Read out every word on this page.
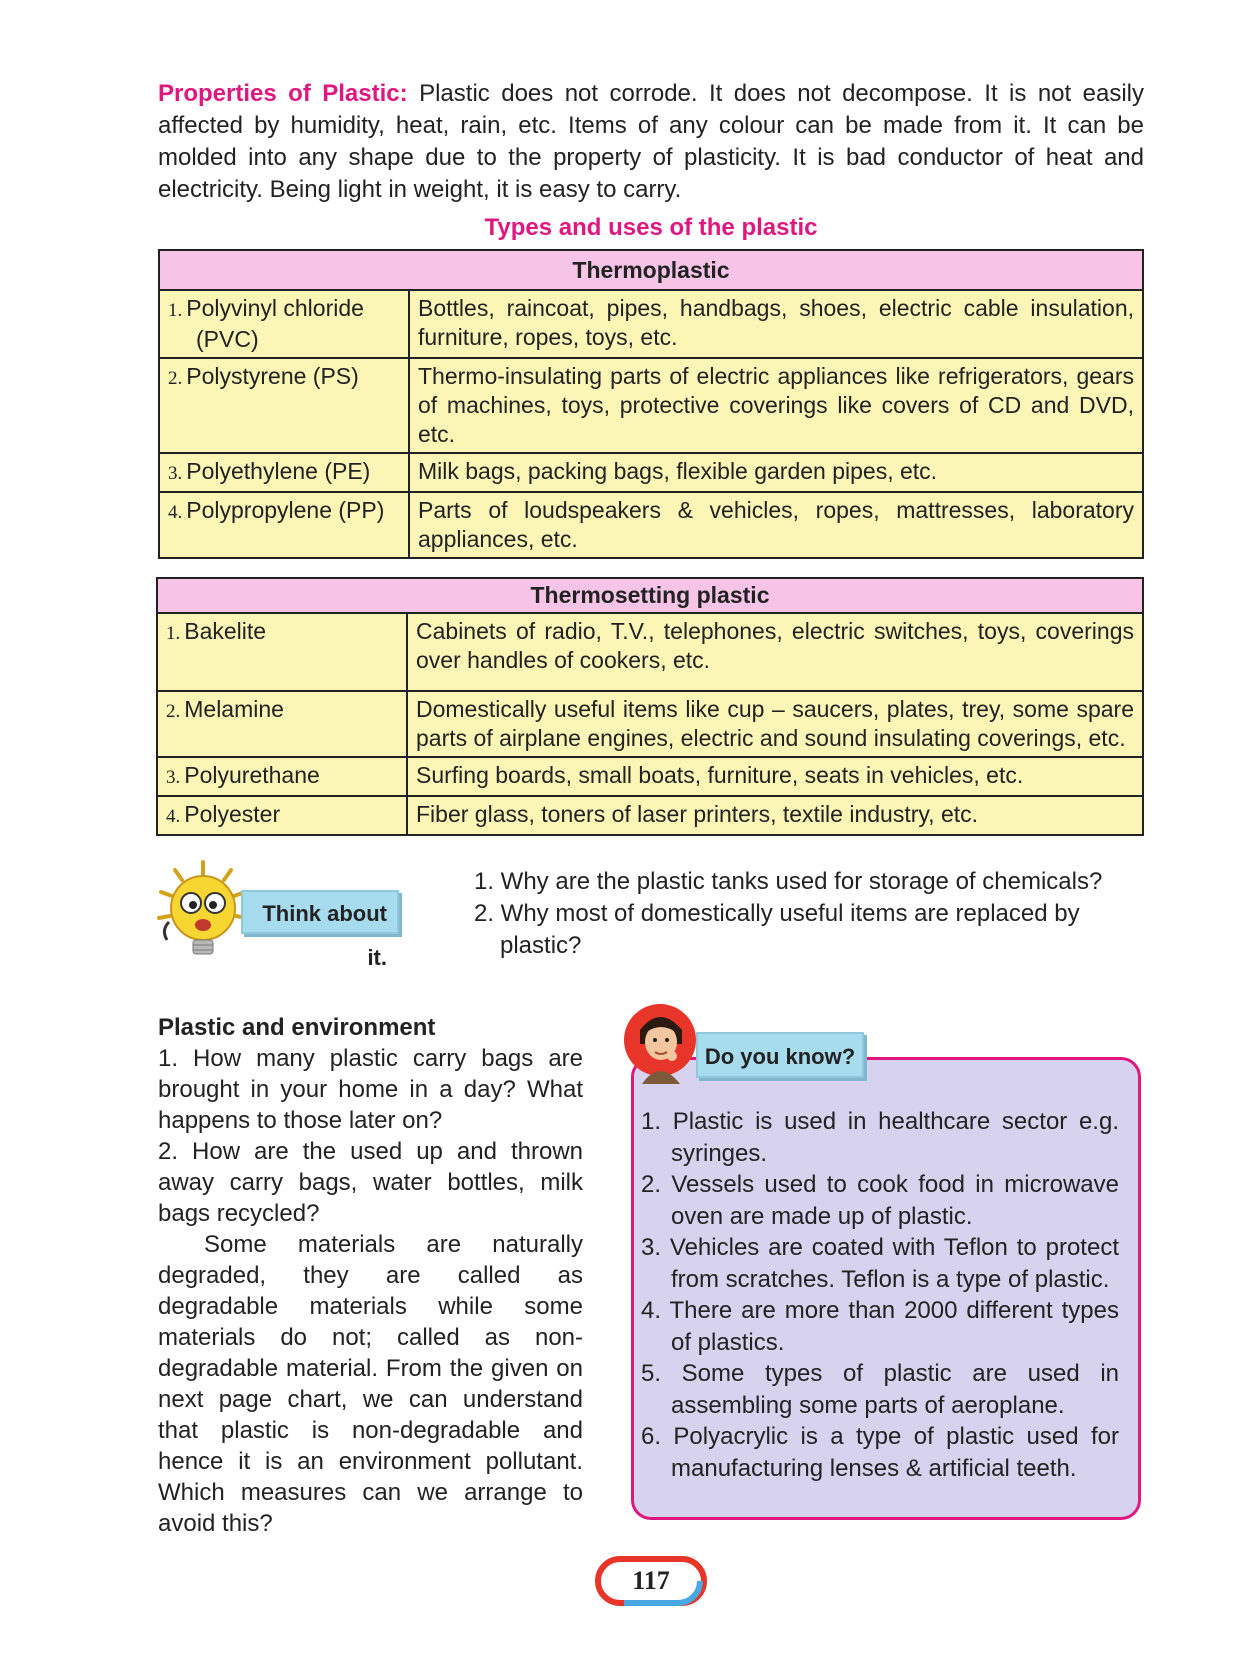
Properties of Plastic: Plastic does not corrode. It does not decompose. It is not easily affected by humidity, heat, rain, etc. Items of any colour can be made from it. It can be molded into any shape due to the property of plasticity. It is bad conductor of heat and electricity. Being light in weight, it is easy to carry.

Types and uses of the plastic
Thermoplastic	
1. Polyvinyl chloride
(PVC)	Bottles, raincoat, pipes, handbags, shoes, electric cable insulation, furniture, ropes, toys, etc.
2. Polystyrene (PS)	Thermo-insulating parts of electric appliances like refrigerators, gears of machines, toys, protective coverings like covers of CD and DVD, etc.
3. Polyethylene (PE)	Milk bags, packing bags, flexible garden pipes, etc.
4. Polypropylene (PP)	Parts of loudspeakers & vehicles, ropes, mattresses, laboratory appliances, etc.
Thermosetting plastic	
1. Bakelite	Cabinets of radio, T.V., telephones, electric switches, toys, coverings over handles of cookers, etc.
2. Melamine	Domestically useful items like cup – saucers, plates, trey, some spare parts of airplane engines, electric and sound insulating coverings, etc.
3. Polyurethane	Surfing boards, small boats, furniture, seats in vehicles, etc.
4. Polyester	Fiber glass, toners of laser printers, textile industry, etc.
Think about it.
1. Why are the plastic tanks used for storage of chemicals?
2. Why most of domestically useful items are replaced by plastic?
Plastic and environment

1. How many plastic carry bags are brought in your home in a day? What happens to those later on?

2. How are the used up and thrown away carry bags, water bottles, milk bags recycled?

Some materials are naturally degraded, they are called as degradable materials while some materials do not; called as non-degradable material. From the given on next page chart, we can understand that plastic is non-degradable and hence it is an environment pollutant. Which measures can we arrange to avoid this?

Do you know?
1. Plastic is used in healthcare sector e.g. syringes.
2. Vessels used to cook food in microwave oven are made up of plastic.
3. Vehicles are coated with Teflon to protect from scratches. Teflon is a type of plastic.
4. There are more than 2000 different types of plastics.
5. Some types of plastic are used in assembling some parts of aeroplane.
6. Polyacrylic is a type of plastic used for manufacturing lenses & artificial teeth.
117
